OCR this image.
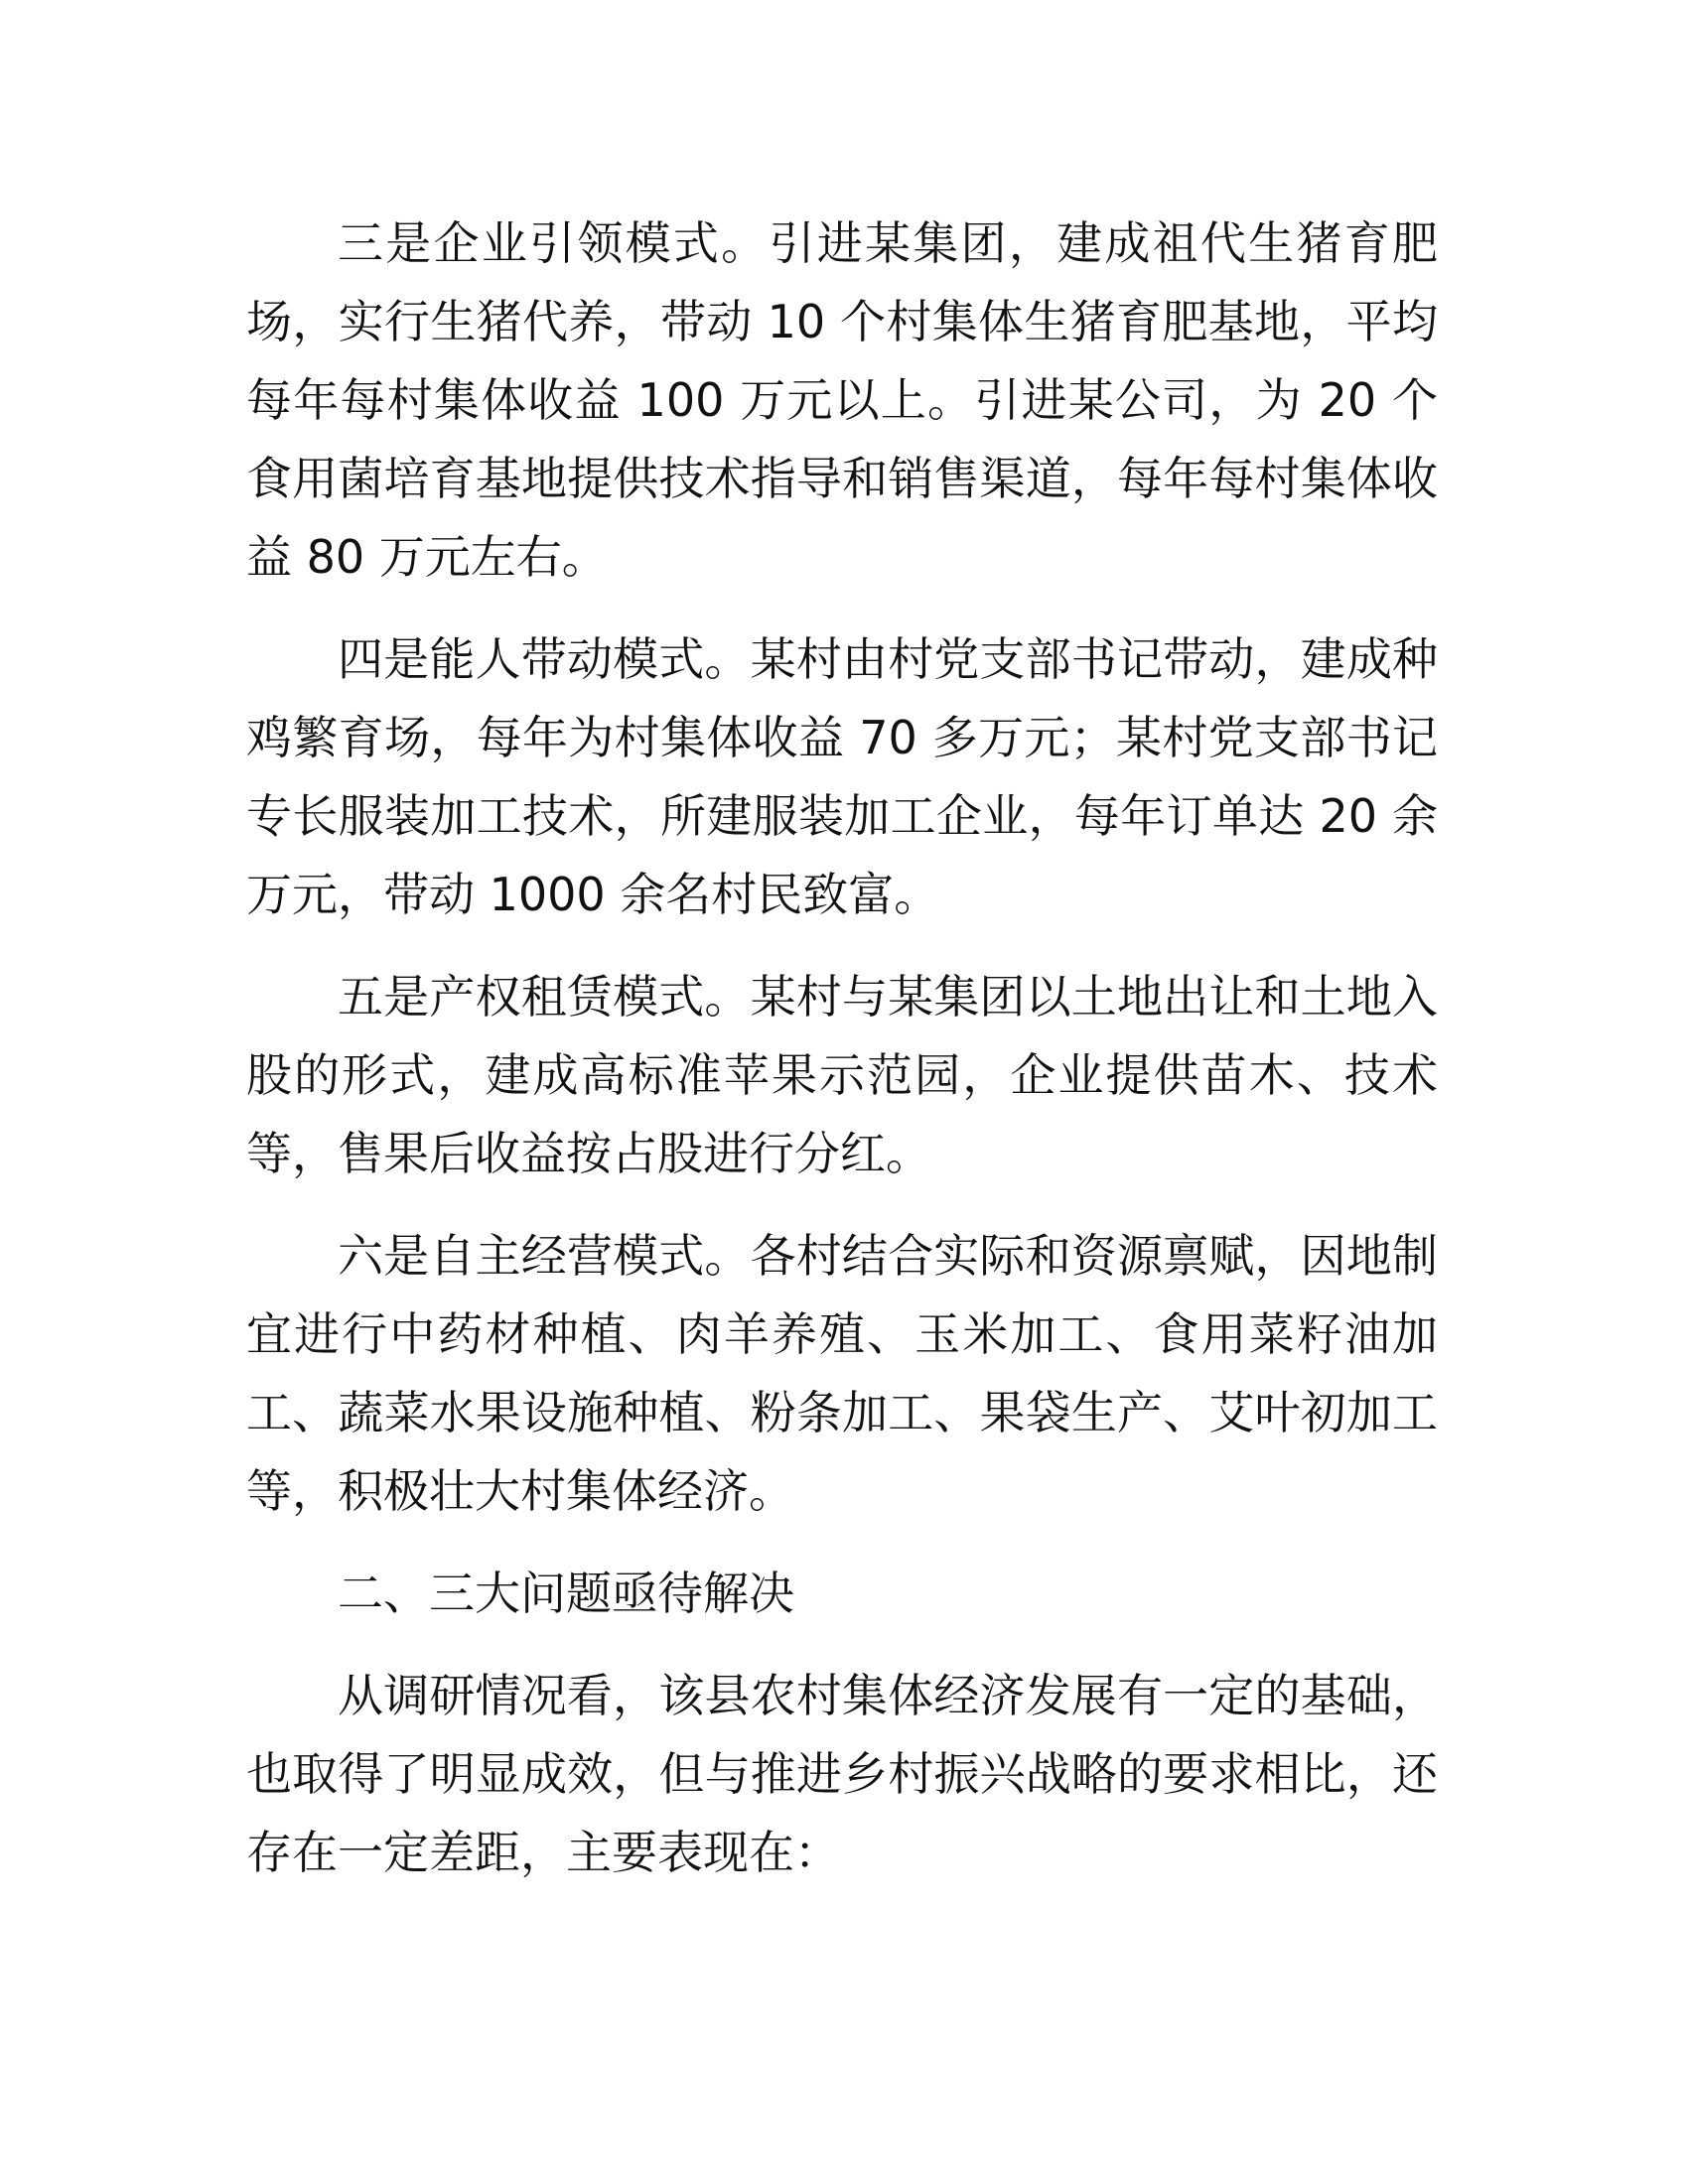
三是企业引领模式。引进某集团，建成祖代生猪育肥场，实行生猪代养，带动 10 个村集体生猪育肥基地，平均每年每村集体收益 100 万元以上。引进某公司，为 20 个食用菌培育基地提供技术指导和销售渠道，每年每村集体收益 80 万元左右。

四是能人带动模式。某村由村党支部书记带动，建成种鸡繁育场，每年为村集体收益 70 多万元；某村党支部书记专长服装加工技术，所建服装加工企业，每年订单达 20 余万元，带动 1000 余名村民致富。

五是产权租赁模式。某村与某集团以土地出让和土地入股的形式，建成高标准苹果示范园，企业提供苗木、技术等，售果后收益按占股进行分红。

六是自主经营模式。各村结合实际和资源禀赋，因地制宜进行中药材种植、肉羊养殖、玉米加工、食用菜籽油加工、蔬菜水果设施种植、粉条加工、果袋生产、艾叶初加工等，积极壮大村集体经济。

二、三大问题亟待解决

从调研情况看，该县农村集体经济发展有一定的基础，也取得了明显成效，但与推进乡村振兴战略的要求相比，还存在一定差距，主要表现在：
